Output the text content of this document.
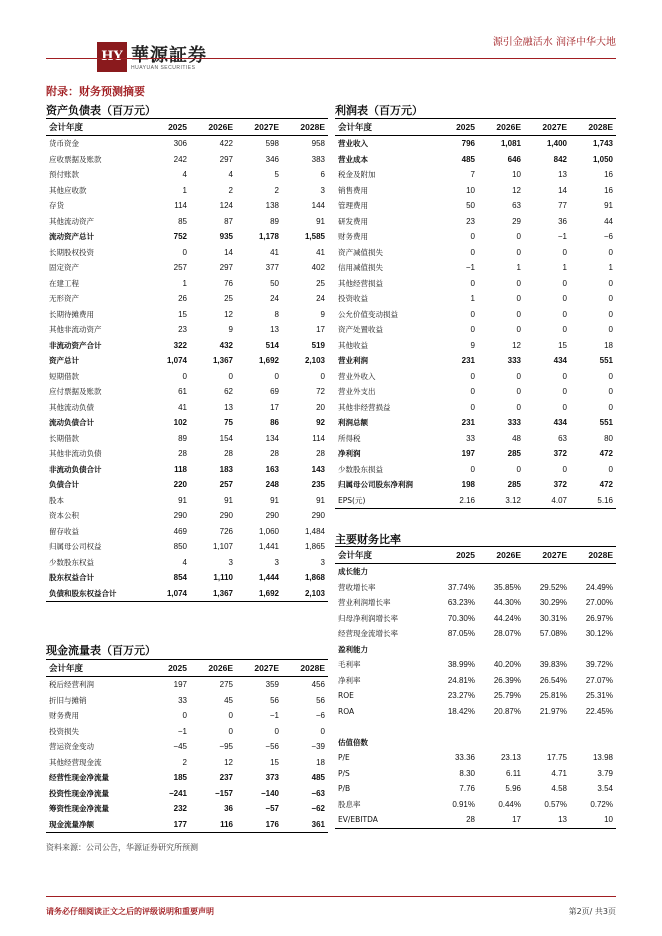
HY 華源証券
HUAYUAN SECURITIES
源引金融活水 润泽中华大地
附录：财务预测摘要
资产负债表（百万元）	利润表（百万元）
主要财务比率
现金流量表（百万元）
会计年度	2025	2026E	2027E	2028E
货币资金	306	422	598	958
应收票据及账款	242	297	346	383
预付账款	4	4	5	6
其他应收款	1	2	2	3
存货	114	124	138	144
其他流动资产	85	87	89	91
流动资产总计	752	935	1,178	1,585
长期股权投资	0	14	41	41
固定资产	257	297	377	402
在建工程	1	76	50	25
无形资产	26	25	24	24
长期待摊费用	15	12	8	9
其他非流动资产	23	9	13	17
非流动资产合计	322	432	514	519
资产总计	1,074	1,367	1,692	2,103
短期借款	0	0	0	0
应付票据及账款	61	62	69	72
其他流动负债	41	13	17	20
流动负债合计	102	75	86	92
长期借款	89	154	134	114
其他非流动负债	28	28	28	28
非流动负债合计	118	183	163	143
负债合计	220	257	248	235
股本	91	91	91	91
资本公积	290	290	290	290
留存收益	469	726	1,060	1,484
归属母公司权益	850	1,107	1,441	1,865
少数股东权益	4	3	3	3
股东权益合计	854	1,110	1,444	1,868
负债和股东权益合计	1,074	1,367	1,692	2,103
会计年度	2025	2026E	2027E	2028E
营业收入	796	1,081	1,400	1,743
营业成本	485	646	842	1,050
税金及附加	7	10	13	16
销售费用	10	12	14	16
管理费用	50	63	77	91
研发费用	23	29	36	44
财务费用	0	0	−1	−6
资产减值损失	0	0	0	0
信用减值损失	−1	1	1	1
其他经营损益	0	0	0	0
投资收益	1	0	0	0
公允价值变动损益	0	0	0	0
资产处置收益	0	0	0	0
其他收益	9	12	15	18
营业利润	231	333	434	551
营业外收入	0	0	0	0
营业外支出	0	0	0	0
其他非经营损益	0	0	0	0
利润总额	231	333	434	551
所得税	33	48	63	80
净利润	197	285	372	472
少数股东损益	0	0	0	0
归属母公司股东净利润	198	285	372	472
EPS(元)	2.16	3.12	4.07	5.16
会计年度	2025	2026E	2027E	2028E
成长能力				
营收增长率	37.74%	35.85%	29.52%	24.49%
营业利润增长率	63.23%	44.30%	30.29%	27.00%
归母净利润增长率	70.30%	44.24%	30.31%	26.97%
经营现金流增长率	87.05%	28.07%	57.08%	30.12%
盈利能力				
毛利率	38.99%	40.20%	39.83%	39.72%
净利率	24.81%	26.39%	26.54%	27.07%
ROE	23.27%	25.79%	25.81%	25.31%
ROA	18.42%	20.87%	21.97%	22.45%

估值倍数				
P/E	33.36	23.13	17.75	13.98
P/S	8.30	6.11	4.71	3.79
P/B	7.76	5.96	4.58	3.54
股息率	0.91%	0.44%	0.57%	0.72%
EV/EBITDA	28	17	13	10
会计年度	2025	2026E	2027E	2028E
税后经营利润	197	275	359	456
折旧与摊销	33	45	56	56
财务费用	0	0	−1	−6
投资损失	−1	0	0	0
营运资金变动	−45	−95	−56	−39
其他经营现金流	2	12	15	18
经营性现金净流量	185	237	373	485
投资性现金净流量	−241	−157	−140	−63
筹资性现金净流量	232	36	−57	−62
现金流量净额	177	116	176	361
资料来源：公司公告，华源证券研究所预测
请务必仔细阅读正文之后的评级说明和重要声明	第2页/ 共3页
